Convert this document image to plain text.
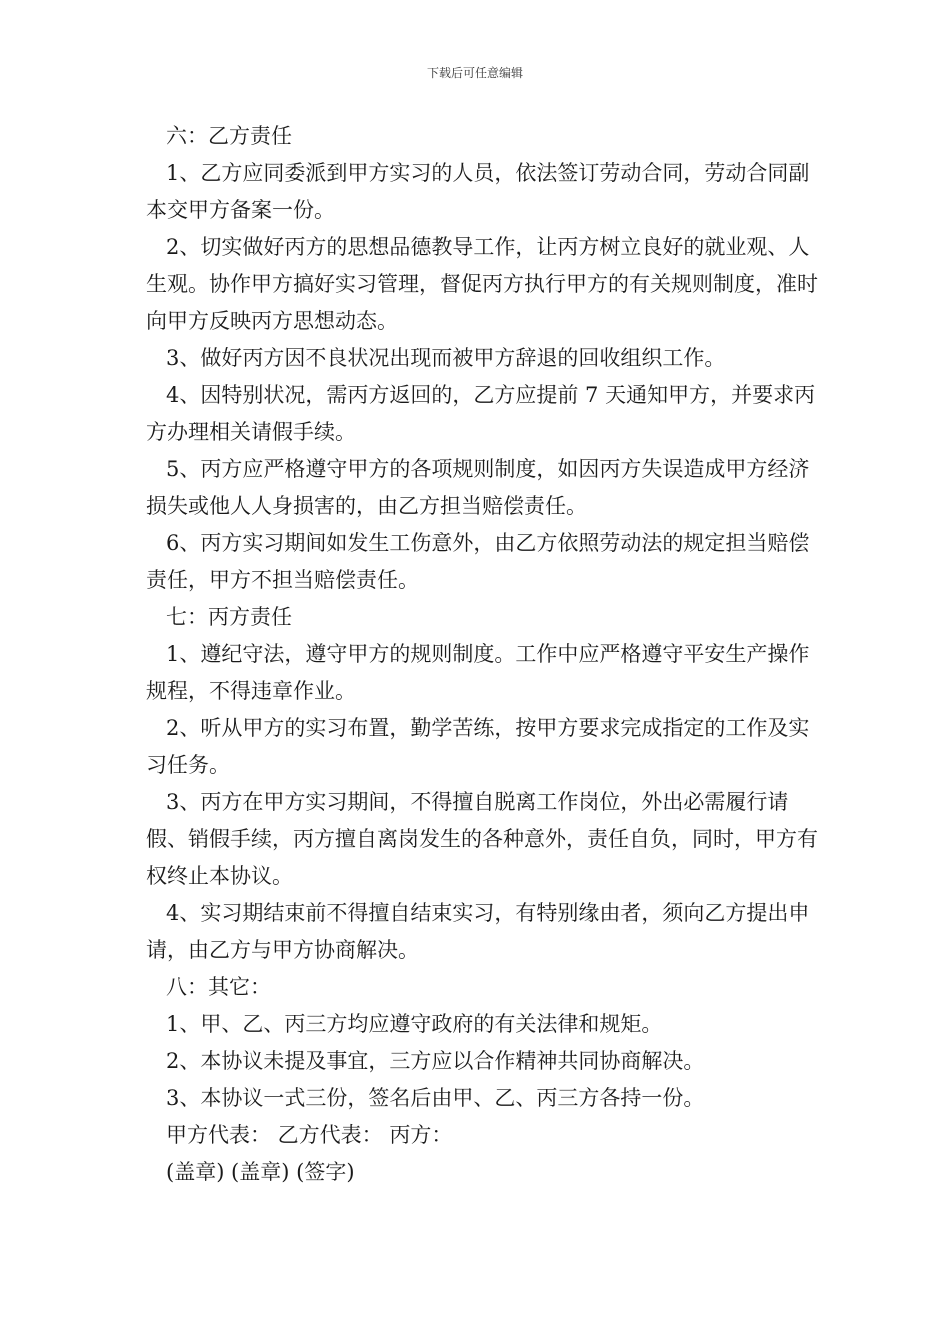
下载后可任意编辑

六：乙方责任

1、乙方应同委派到甲方实习的人员，依法签订劳动合同，劳动合同副本交甲方备案一份。

2、切实做好丙方的思想品德教导工作，让丙方树立良好的就业观、人生观。协作甲方搞好实习管理，督促丙方执行甲方的有关规则制度，准时向甲方反映丙方思想动态。

3、做好丙方因不良状况出现而被甲方辞退的回收组织工作。

4、因特别状况，需丙方返回的，乙方应提前 7 天通知甲方，并要求丙方办理相关请假手续。

5、丙方应严格遵守甲方的各项规则制度，如因丙方失误造成甲方经济损失或他人人身损害的，由乙方担当赔偿责任。

6、丙方实习期间如发生工伤意外，由乙方依照劳动法的规定担当赔偿责任，甲方不担当赔偿责任。

七：丙方责任

1、遵纪守法，遵守甲方的规则制度。工作中应严格遵守平安生产操作规程，不得违章作业。

2、听从甲方的实习布置，勤学苦练，按甲方要求完成指定的工作及实习任务。

3、丙方在甲方实习期间，不得擅自脱离工作岗位，外出必需履行请假、销假手续，丙方擅自离岗发生的各种意外，责任自负，同时，甲方有权终止本协议。

4、实习期结束前不得擅自结束实习，有特别缘由者，须向乙方提出申请，由乙方与甲方协商解决。

八：其它：

1、甲、乙、丙三方均应遵守政府的有关法律和规矩。

2、本协议未提及事宜，三方应以合作精神共同协商解决。

3、本协议一式三份，签名后由甲、乙、丙三方各持一份。

甲方代表： 乙方代表： 丙方：

(盖章) (盖章) (签字)
